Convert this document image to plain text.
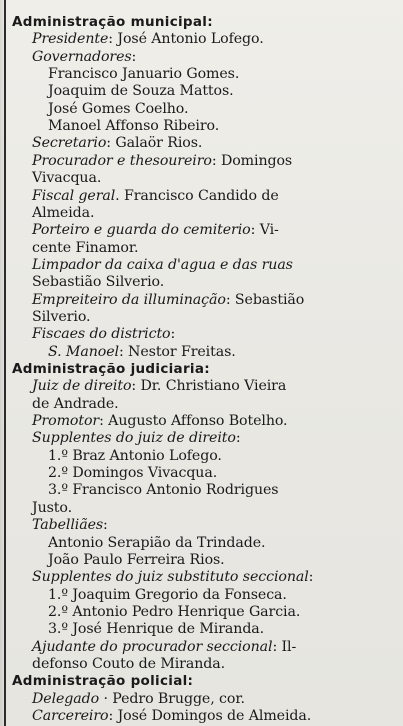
Administração municipal:
Presidente: José Antonio Lofego.
Governadores:
Francisco Januario Gomes.
Joaquim de Souza Mattos.
José Gomes Coelho.
Manoel Affonso Ribeiro.
Secretario: Galaör Rios.
Procurador e thesoureiro: Domingos
Vivacqua.
Fiscal geral. Francisco Candido de
Almeida.
Porteiro e guarda do cemiterio: Vi-
cente Finamor.
Limpador da caixa d'agua e das ruas
Sebastião Silverio.
Empreiteiro da illuminação: Sebastião
Silverio.
Fiscaes do districto:
S. Manoel: Nestor Freitas.
Administração judiciaria:
Juiz de direito: Dr. Christiano Vieira
de Andrade.
Promotor: Augusto Affonso Botelho.
Supplentes do juiz de direito:
1.º Braz Antonio Lofego.
2.º Domingos Vivacqua.
3.º Francisco Antonio Rodrigues
Justo.
Tabelliães:
Antonio Serapião da Trindade.
João Paulo Ferreira Rios.
Supplentes do juiz substituto seccional:
1.º Joaquim Gregorio da Fonseca.
2.º Antonio Pedro Henrique Garcia.
3.º José Henrique de Miranda.
Ajudante do procurador seccional: Il-
defonso Couto de Miranda.
Administração policial:
Delegado · Pedro Brugge, cor.
Carcereiro: José Domingos de Almeida.
